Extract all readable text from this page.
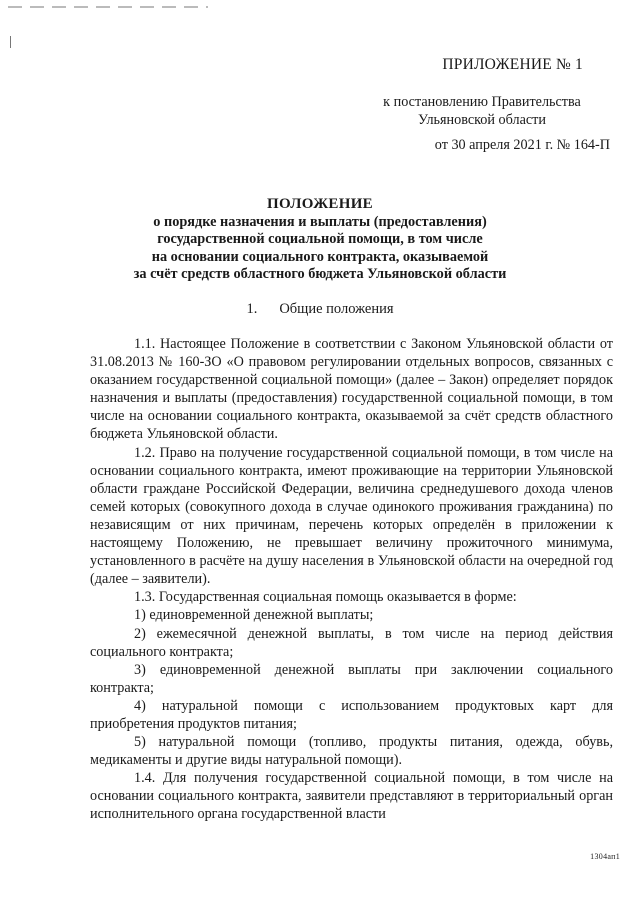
ПРИЛОЖЕНИЕ № 1
к постановлению Правительства
Ульяновской области
от 30 апреля 2021 г. № 164-П
ПОЛОЖЕНИЕ
о порядке назначения и выплаты (предоставления)
государственной социальной помощи, в том числе
на основании социального контракта, оказываемой
за счёт средств областного бюджета Ульяновской области
1. Общие положения

1.1. Настоящее Положение в соответствии с Законом Ульяновской области от 31.08.2013 № 160-ЗО «О правовом регулировании отдельных вопросов, связанных с оказанием государственной социальной помощи» (далее – Закон) определяет порядок назначения и выплаты (предоставления) государственной социальной помощи, в том числе на основании социального контракта, оказываемой за счёт средств областного бюджета Ульяновской области.

1.2. Право на получение государственной социальной помощи, в том числе на основании социального контракта, имеют проживающие на территории Ульяновской области граждане Российской Федерации, величина среднедушевого дохода членов семей которых (совокупного дохода в случае одинокого проживания гражданина) по независящим от них причинам, перечень которых определён в приложении к настоящему Положению, не превышает величину прожиточного минимума, установленного в расчёте на душу населения в Ульяновской области на очередной год (далее – заявители).

1.3. Государственная социальная помощь оказывается в форме:

1) единовременной денежной выплаты;

2) ежемесячной денежной выплаты, в том числе на период действия социального контракта;

3) единовременной денежной выплаты при заключении социального контракта;

4) натуральной помощи с использованием продуктовых карт для приобретения продуктов питания;

5) натуральной помощи (топливо, продукты питания, одежда, обувь, медикаменты и другие виды натуральной помощи).

1.4. Для получения государственной социальной помощи, в том числе на основании социального контракта, заявители представляют в территориальный орган исполнительного органа государственной власти

1304ап1
